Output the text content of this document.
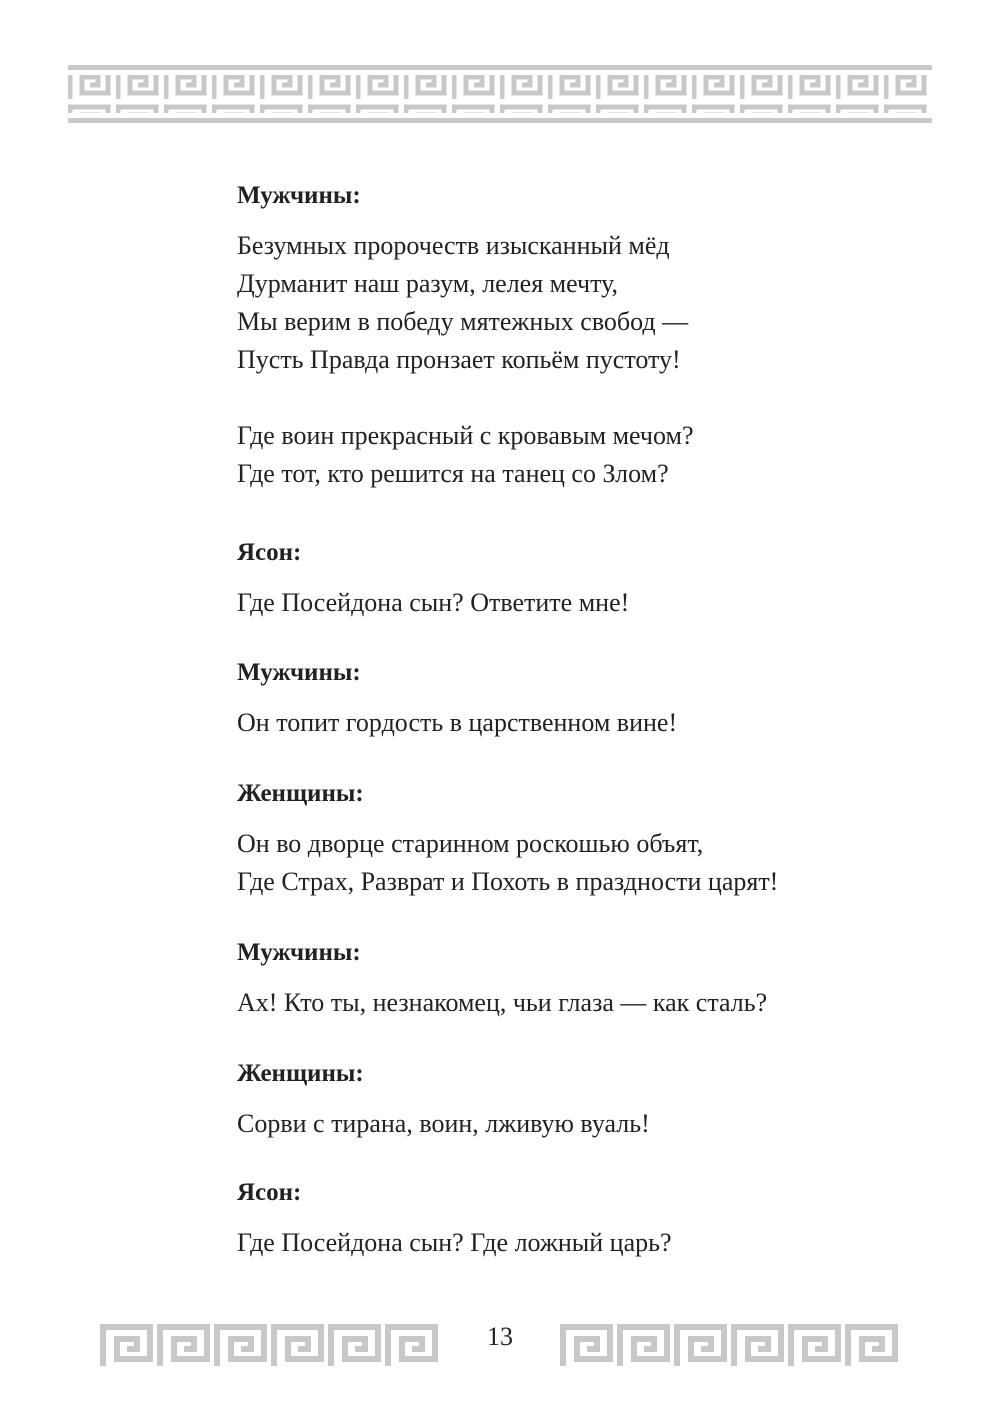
Мужчины:

Безумных пророчеств изысканный мёд
Дурманит наш разум, лелея мечту,
Мы верим в победу мятежных свобод —
Пусть Правда пронзает копьём пустоту!

Где воин прекрасный с кровавым мечом?
Где тот, кто решится на танец со Злом?

Ясон:

Где Посейдона сын? Ответите мне!

Мужчины:

Он топит гордость в царственном вине!

Женщины:

Он во дворце старинном роскошью объят,
Где Страх, Разврат и Похоть в праздности царят!

Мужчины:

Ах! Кто ты, незнакомец, чьи глаза — как сталь?

Женщины:

Сорви с тирана, воин, лживую вуаль!

Ясон:

Где Посейдона сын? Где ложный царь?

13
